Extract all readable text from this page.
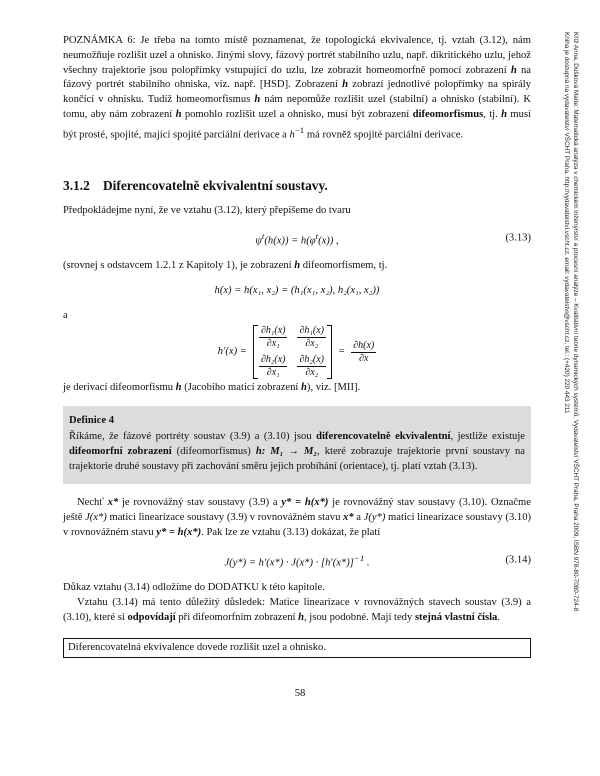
POZNÁMKA 6: Je třeba na tomto místě poznamenat, že topologická ekvivalence, tj. vztah (3.12), nám neumožňuje rozlišit uzel a ohnisko. Jinými slovy, fázový portrét stabilního uzlu, např. dikritického uzlu, jehož všechny trajektorie jsou polopřímky vstupující do uzlu, lze zobrazit homeomorfně pomocí zobrazení h na fázový portrét stabilního ohniska, viz. např. [HSD]. Zobrazení h zobrazí jednotlivé polopřímky na spirály končící v ohnisku. Tudíž homeomorfismus h nám nepomůže rozlišit uzel (stabilní) a ohnisko (stabilní). K tomu, aby nám zobrazení h pomohlo rozlišit uzel a ohnisko, musí být zobrazení difeomorfismus, tj. h musí být prosté, spojité, mající spojité parciální derivace a $h^{-1}$ má rovněž spojité parciální derivace.

3.1.2 Diferencovatelně ekvivalentní soustavy.

Předpokládejme nyní, že ve vztahu (3.12), který přepíšeme do tvaru

$\psi^t(h(x)) = h(\varphi^t(x))$ ,	(3.13)

(srovnej s odstavcem 1.2.1 z Kapitoly 1), je zobrazení h difeomorfismem, tj.

h(x) = h(x₁, x₂) = (h₁(x₁, x₂), h₂(x₁, x₂))

a

h′(x) =
$\frac{\text{∂h₁(x)}}{\text{∂x₁}} \frac{\text{∂h₁(x)}}{\text{∂x₂}}$
$\frac{\text{∂h₂(x)}}{\text{∂x₁}} \frac{\text{∂h₂(x)}}{\text{∂x₂}}$
= $\frac{\partial h(x)}{\partial x}$

je derivací difeomorfismu h (Jacobiho maticí zobrazení h), viz. [MII].

Definice 4

Říkáme, že fázové portréty soustav (3.9) a (3.10) jsou diferencovatelně ekvivalentní, jestliže existuje difeomorfní zobrazení (difeomorfismus) h: M₁ → M₂, které zobrazuje trajektorie první soustavy na trajektorie druhé soustavy při zachování směru jejich probíhání (orientace), tj. platí vztah (3.13).

Nechť x* je rovnovážný stav soustavy (3.9) a y* = h(x*) je rovnovážný stav soustavy (3.10). Označme ještě J(x*) matici linearizace soustavy (3.9) v rovnovážném stavu x* a J(y*) matici linearizace soustavy (3.10) v rovnovážném stavu y* = h(x*). Pak lze ze vztahu (3.13) dokázat, že platí

$J(y*) = h'(x*) \cdot J(x*) \cdot [h'(x*)]^{-1}$ .	(3.14)

Důkaz vztahu (3.14) odložíme do DODATKU k této kapitole.

Vztahu (3.14) má tento důležitý důsledek: Matice linearizace v rovnovážných stavech soustav (3.9) a (3.10), které si odpovídají při difeomorfním zobrazení h, jsou podobné. Mají tedy stejná vlastní čísla.

Diferencovatelná ekvivalence dovede rozlišit uzel a ohnisko.
58
Kříž Anna, Dušková Marie: Matematická analýza v chemickém inženýrství a procesní analýze – Kvalitativní teorie dynamických systémů, Vydavatelství VŠCHT Praha, Praha 2009, ISBN 978-80-7080-724-8
Kniha je dostupná na vydavatelství VŠCHT Praha, http://vydavatelstvi.vscht.cz, email: vydavatelstvi@vscht.cz, tel.: (+420) 220 443 211
